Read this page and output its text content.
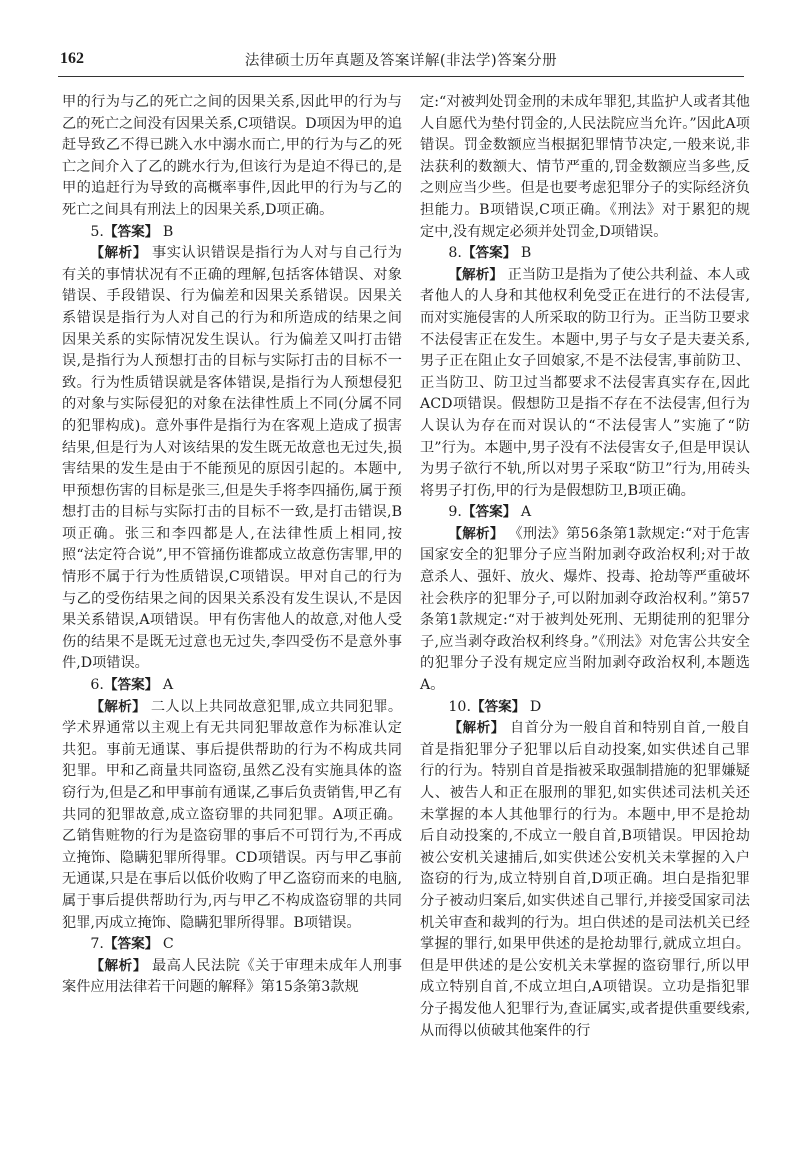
162	法律硕士历年真题及答案详解(非法学)答案分册

甲的行为与乙的死亡之间的因果关系,因此甲的行为与乙的死亡之间没有因果关系,C项错误。D项因为甲的追赶导致乙不得已跳入水中溺水而亡,甲的行为与乙的死亡之间介入了乙的跳水行为,但该行为是迫不得已的,是甲的追赶行为导致的高概率事件,因此甲的行为与乙的死亡之间具有刑法上的因果关系,D项正确。

5.【答案】 B

【解析】 事实认识错误是指行为人对与自己行为有关的事情状况有不正确的理解,包括客体错误、对象错误、手段错误、行为偏差和因果关系错误。因果关系错误是指行为人对自己的行为和所造成的结果之间因果关系的实际情况发生误认。行为偏差又叫打击错误,是指行为人预想打击的目标与实际打击的目标不一致。行为性质错误就是客体错误,是指行为人预想侵犯的对象与实际侵犯的对象在法律性质上不同(分属不同的犯罪构成)。意外事件是指行为在客观上造成了损害结果,但是行为人对该结果的发生既无故意也无过失,损害结果的发生是由于不能预见的原因引起的。本题中,甲预想伤害的目标是张三,但是失手将李四捅伤,属于预想打击的目标与实际打击的目标不一致,是打击错误,B项正确。张三和李四都是人,在法律性质上相同,按照“法定符合说”,甲不管捅伤谁都成立故意伤害罪,甲的情形不属于行为性质错误,C项错误。甲对自己的行为与乙的受伤结果之间的因果关系没有发生误认,不是因果关系错误,A项错误。甲有伤害他人的故意,对他人受伤的结果不是既无过意也无过失,李四受伤不是意外事件,D项错误。

6.【答案】 A

【解析】 二人以上共同故意犯罪,成立共同犯罪。学术界通常以主观上有无共同犯罪故意作为标准认定共犯。事前无通谋、事后提供帮助的行为不构成共同犯罪。甲和乙商量共同盗窃,虽然乙没有实施具体的盗窃行为,但是乙和甲事前有通谋,乙事后负责销售,甲乙有共同的犯罪故意,成立盗窃罪的共同犯罪。A项正确。乙销售赃物的行为是盗窃罪的事后不可罚行为,不再成立掩饰、隐瞒犯罪所得罪。CD项错误。丙与甲乙事前无通谋,只是在事后以低价收购了甲乙盗窃而来的电脑,属于事后提供帮助行为,丙与甲乙不构成盗窃罪的共同犯罪,丙成立掩饰、隐瞒犯罪所得罪。B项错误。

7.【答案】 C

【解析】 最高人民法院《关于审理未成年人刑事案件应用法律若干问题的解释》第15条第3款规

定:“对被判处罚金刑的未成年罪犯,其监护人或者其他人自愿代为垫付罚金的,人民法院应当允许。”因此A项错误。罚金数额应当根据犯罪情节决定,一般来说,非法获利的数额大、情节严重的,罚金数额应当多些,反之则应当少些。但是也要考虑犯罪分子的实际经济负担能力。B项错误,C项正确。《刑法》对于累犯的规定中,没有规定必须并处罚金,D项错误。

8.【答案】 B

【解析】 正当防卫是指为了使公共利益、本人或者他人的人身和其他权利免受正在进行的不法侵害,而对实施侵害的人所采取的防卫行为。正当防卫要求不法侵害正在发生。本题中,男子与女子是夫妻关系,男子正在阻止女子回娘家,不是不法侵害,事前防卫、正当防卫、防卫过当都要求不法侵害真实存在,因此ACD项错误。假想防卫是指不存在不法侵害,但行为人误认为存在而对误认的“不法侵害人”实施了“防卫”行为。本题中,男子没有不法侵害女子,但是甲误认为男子欲行不轨,所以对男子采取“防卫”行为,用砖头将男子打伤,甲的行为是假想防卫,B项正确。

9.【答案】 A

【解析】 《刑法》第56条第1款规定:“对于危害国家安全的犯罪分子应当附加剥夺政治权利;对于故意杀人、强奸、放火、爆炸、投毒、抢劫等严重破坏社会秩序的犯罪分子,可以附加剥夺政治权利。”第57条第1款规定:“对于被判处死刑、无期徒刑的犯罪分子,应当剥夺政治权利终身。”《刑法》对危害公共安全的犯罪分子没有规定应当附加剥夺政治权利,本题选A。

10.【答案】 D

【解析】 自首分为一般自首和特别自首,一般自首是指犯罪分子犯罪以后自动投案,如实供述自己罪行的行为。特别自首是指被采取强制措施的犯罪嫌疑人、被告人和正在服刑的罪犯,如实供述司法机关还未掌握的本人其他罪行的行为。本题中,甲不是抢劫后自动投案的,不成立一般自首,B项错误。甲因抢劫被公安机关逮捕后,如实供述公安机关未掌握的入户盗窃的行为,成立特别自首,D项正确。坦白是指犯罪分子被动归案后,如实供述自己罪行,并接受国家司法机关审查和裁判的行为。坦白供述的是司法机关已经掌握的罪行,如果甲供述的是抢劫罪行,就成立坦白。但是甲供述的是公安机关未掌握的盗窃罪行,所以甲成立特别自首,不成立坦白,A项错误。立功是指犯罪分子揭发他人犯罪行为,查证属实,或者提供重要线索,从而得以侦破其他案件的行
